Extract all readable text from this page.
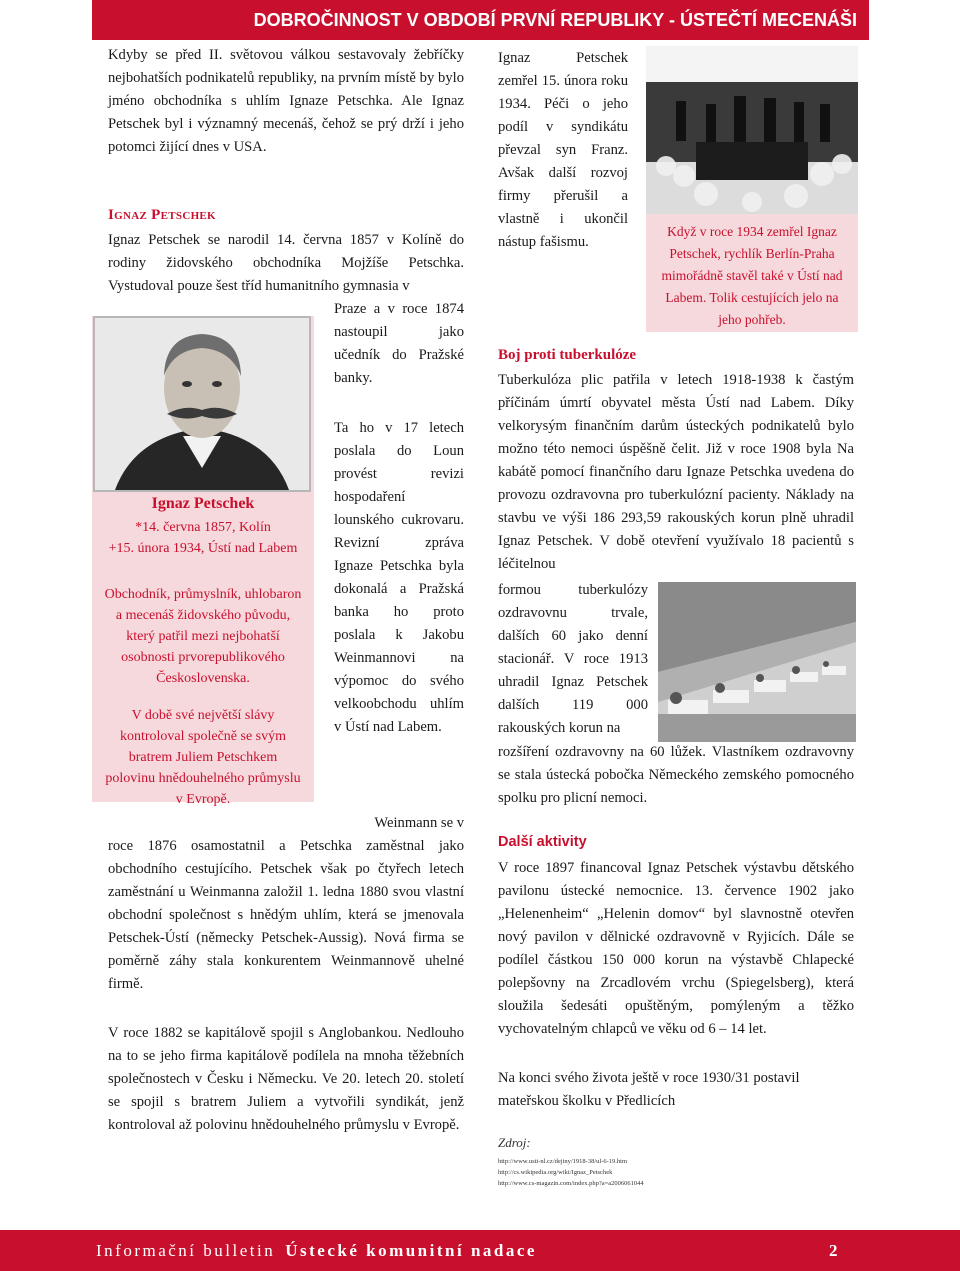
DOBROČINNOST V OBDOBÍ PRVNÍ REPUBLIKY - ÚSTEČTÍ MECENÁŠI

Kdyby se před II. světovou válkou sestavovaly žebříčky nejbohatších podnikatelů republiky, na prvním místě by bylo jméno obchodníka s uhlím Ignaze Petschka. Ale Ignaz Petschek byl i významný mecenáš, čehož se prý drží i jeho potomci žijící dnes v USA.

Ignaz Petschek

Ignaz Petschek se narodil 14. června 1857 v Kolíně do rodiny židovského obchodníka Mojžíše Petschka. Vystudoval pouze šest tříd humanitního gymnasia v

Ignaz Petschek
*14. června 1857, Kolín
+15. února 1934, Ústí nad Labem
Obchodník, průmyslník, uhlobaron a mecenáš židovského původu, který patřil mezi nejbohatší osobnosti prvorepublikového Československa.
V době své největší slávy kontroloval společně se svým bratrem Juliem Petschkem polovinu hnědouhelného průmyslu v Evropě.

Praze a v roce 1874 nastoupil jako učedník do Pražské banky.

Ta ho v 17 letech poslala do Loun provést revizi hospodaření lounského cukrovaru. Revizní zpráva Ignaze Petschka byla dokonalá a Pražská banka ho proto poslala k Jakobu Weinmannovi na výpomoc do svého velkoobchodu uhlím v Ústí nad Labem.

Weinmann se v

roce 1876 osamostatnil a Petschka zaměstnal jako obchodního cestujícího. Petschek však po čtyřech letech zaměstnání u Weinmanna založil 1. ledna 1880 svou vlastní obchodní společnost s hnědým uhlím, která se jmenovala Petschek-Ústí (německy Petschek-Aussig). Nová firma se poměrně záhy stala konkurentem Weinmannově uhelné firmě.

V roce 1882 se kapitálově spojil s Anglobankou. Nedlouho na to se jeho firma kapitálově podílela na mnoha těžebních společnostech v Česku i Německu. Ve 20. letech 20. století se spojil s bratrem Juliem a vytvořili syndikát, jenž kontroloval až polovinu hnědouhelného průmyslu v Evropě.

Ignaz Petschek zemřel 15. února roku 1934. Péči o jeho podíl v syndikátu převzal syn Franz. Avšak další rozvoj firmy přerušil a vlastně i ukončil nástup fašismu.

Když v roce 1934 zemřel Ignaz Petschek, rychlík Berlín-Praha mimořádně stavěl také v Ústí nad Labem. Tolik cestujících jelo na jeho pohřeb.
Boj proti tuberkulóze

Tuberkulóza plic patřila v letech 1918-1938 k častým příčinám úmrtí obyvatel města Ústí nad Labem. Díky velkorysým finančním darům ústeckých podnikatelů bylo možno této nemoci úspěšně čelit. Již v roce 1908 byla Na kabátě pomocí finančního daru Ignaze Petschka uvedena do provozu ozdravovna pro tuberkulózní pacienty. Náklady na stavbu ve výši 186 293,59 rakouských korun plně uhradil Ignaz Petschek. V době otevření využívalo 18 pacientů s léčitelnou

formou tuberkulózy ozdravovnu trvale, dalších 60 jako denní stacionář. V roce 1913 uhradil Ignaz Petschek dalších 119 000 rakouských korun na

rozšíření ozdravovny na 60 lůžek. Vlastníkem ozdravovny se stala ústecká pobočka Německého zemského pomocného spolku pro plicní nemoci.

Další aktivity

V roce 1897 financoval Ignaz Petschek výstavbu dětského pavilonu ústecké nemocnice. 13. července 1902 jako „Helenenheim“ „Helenin domov“ byl slavnostně otevřen nový pavilon v dělnické ozdravovně v Ryjicích. Dále se podílel částkou 150 000 korun na výstavbě Chlapecké polepšovny na Zrcadlovém vrchu (Spiegelsberg), která sloužila šedesáti opuštěným, pomýleným a těžko vychovatelným chlapců ve věku od 6 – 14 let.

Na konci svého života ještě v roce 1930/31 postavil mateřskou školku v Předlicích

Zdroj:
http://www.usti-nl.cz/dejiny/1918-38/ul-6-19.htm
http://cs.wikipedia.org/wiki/Ignaz_Petschek
http://www.cs-magazin.com/index.php?a=a2006061044
Informační bulletin Ústecké komunitní nadace	2
